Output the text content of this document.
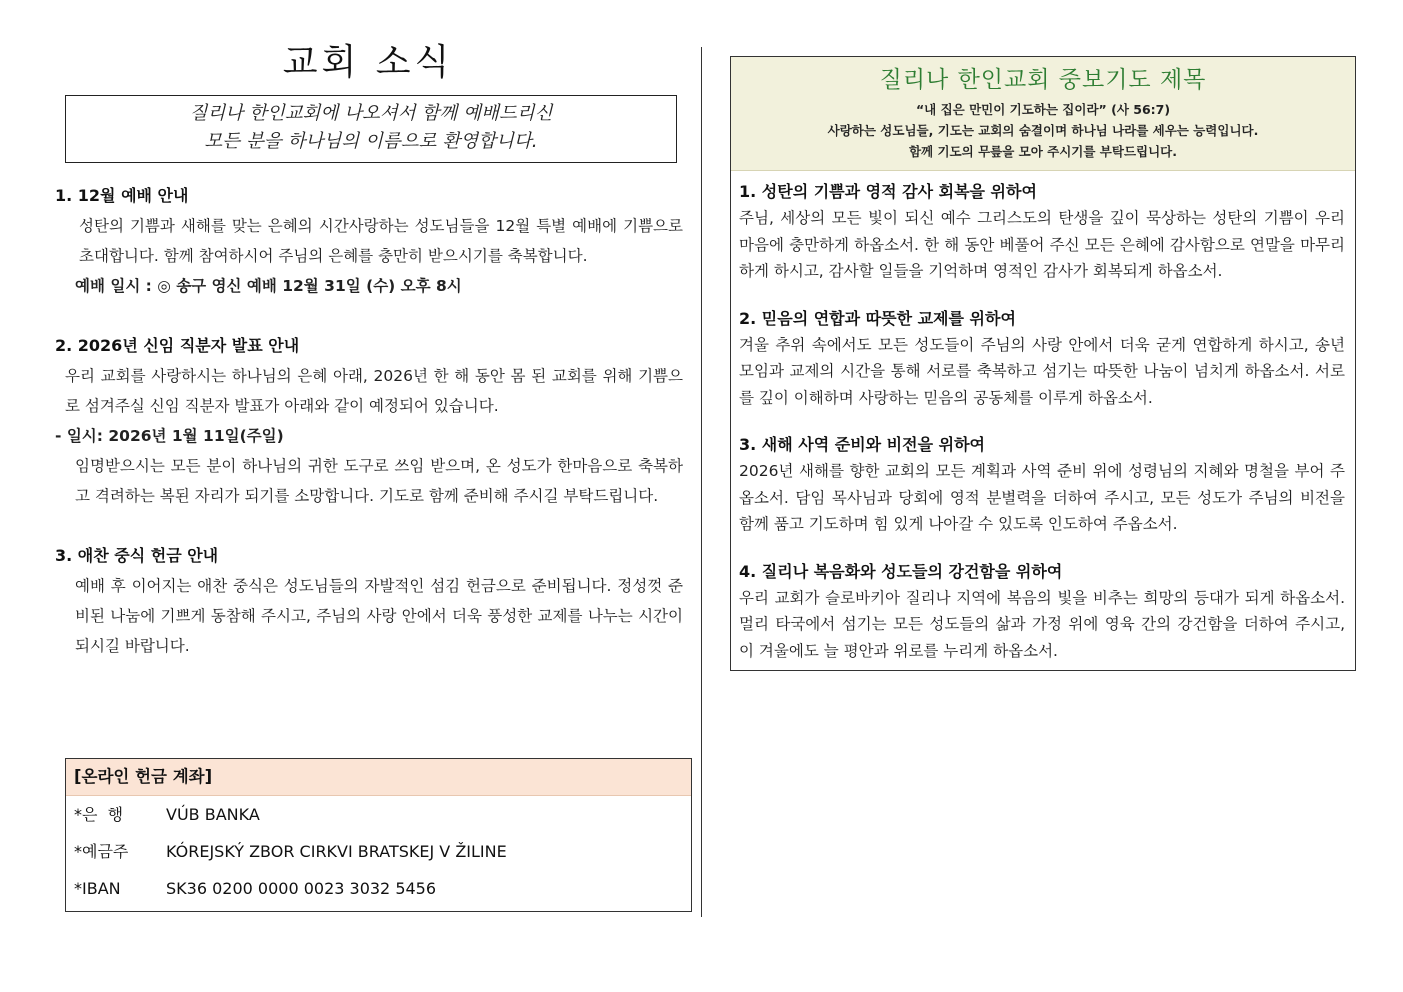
교회 소식
질리나 한인교회에 나오셔서 함께 예배드리신
모든 분을 하나님의 이름으로 환영합니다.
1. 12월 예배 안내
성탄의 기쁨과 새해를 맞는 은혜의 시간사랑하는 성도님들을 12월 특별 예배에 기쁨으로 초대합니다. 함께 참여하시어 주님의 은혜를 충만히 받으시기를 축복합니다.
예배 일시 : ◎ 송구 영신 예배 12월 31일 (수) 오후 8시
2. 2026년 신임 직분자 발표 안내
우리 교회를 사랑하시는 하나님의 은혜 아래, 2026년 한 해 동안 몸 된 교회를 위해 기쁨으로 섬겨주실 신임 직분자 발표가 아래와 같이 예정되어 있습니다.
- 일시: 2026년 1월 11일(주일)
임명받으시는 모든 분이 하나님의 귀한 도구로 쓰임 받으며, 온 성도가 한마음으로 축복하고 격려하는 복된 자리가 되기를 소망합니다. 기도로 함께 준비해 주시길 부탁드립니다.
3. 애찬 중식 헌금 안내
예배 후 이어지는 애찬 중식은 성도님들의 자발적인 섬김 헌금으로 준비됩니다. 정성껏 준비된 나눔에 기쁘게 동참해 주시고, 주님의 사랑 안에서 더욱 풍성한 교제를 나누는 시간이 되시길 바랍니다.
[온라인 헌금 계좌]
*은  행	VÚB BANKA
*예금주	KÓREJSKÝ ZBOR CIRKVI BRATSKEJ V ŽILINE
*IBAN	SK36 0200 0000 0023 3032 5456
질리나 한인교회 중보기도 제목
“내 집은 만민이 기도하는 집이라” (사 56:7)
사랑하는 성도님들, 기도는 교회의 숨결이며 하나님 나라를 세우는 능력입니다.
함께 기도의 무릎을 모아 주시기를 부탁드립니다.
1. 성탄의 기쁨과 영적 감사 회복을 위하여
주님, 세상의 모든 빛이 되신 예수 그리스도의 탄생을 깊이 묵상하는 성탄의 기쁨이 우리 마음에 충만하게 하옵소서. 한 해 동안 베풀어 주신 모든 은혜에 감사함으로 연말을 마무리하게 하시고, 감사할 일들을 기억하며 영적인 감사가 회복되게 하옵소서.
2. 믿음의 연합과 따뜻한 교제를 위하여
겨울 추위 속에서도 모든 성도들이 주님의 사랑 안에서 더욱 굳게 연합하게 하시고, 송년 모임과 교제의 시간을 통해 서로를 축복하고 섬기는 따뜻한 나눔이 넘치게 하옵소서. 서로를 깊이 이해하며 사랑하는 믿음의 공동체를 이루게 하옵소서.
3. 새해 사역 준비와 비전을 위하여
2026년 새해를 향한 교회의 모든 계획과 사역 준비 위에 성령님의 지혜와 명철을 부어 주옵소서. 담임 목사님과 당회에 영적 분별력을 더하여 주시고, 모든 성도가 주님의 비전을 함께 품고 기도하며 힘 있게 나아갈 수 있도록 인도하여 주옵소서.
4. 질리나 복음화와 성도들의 강건함을 위하여
우리 교회가 슬로바키아 질리나 지역에 복음의 빛을 비추는 희망의 등대가 되게 하옵소서. 멀리 타국에서 섬기는 모든 성도들의 삶과 가정 위에 영육 간의 강건함을 더하여 주시고, 이 겨울에도 늘 평안과 위로를 누리게 하옵소서.
